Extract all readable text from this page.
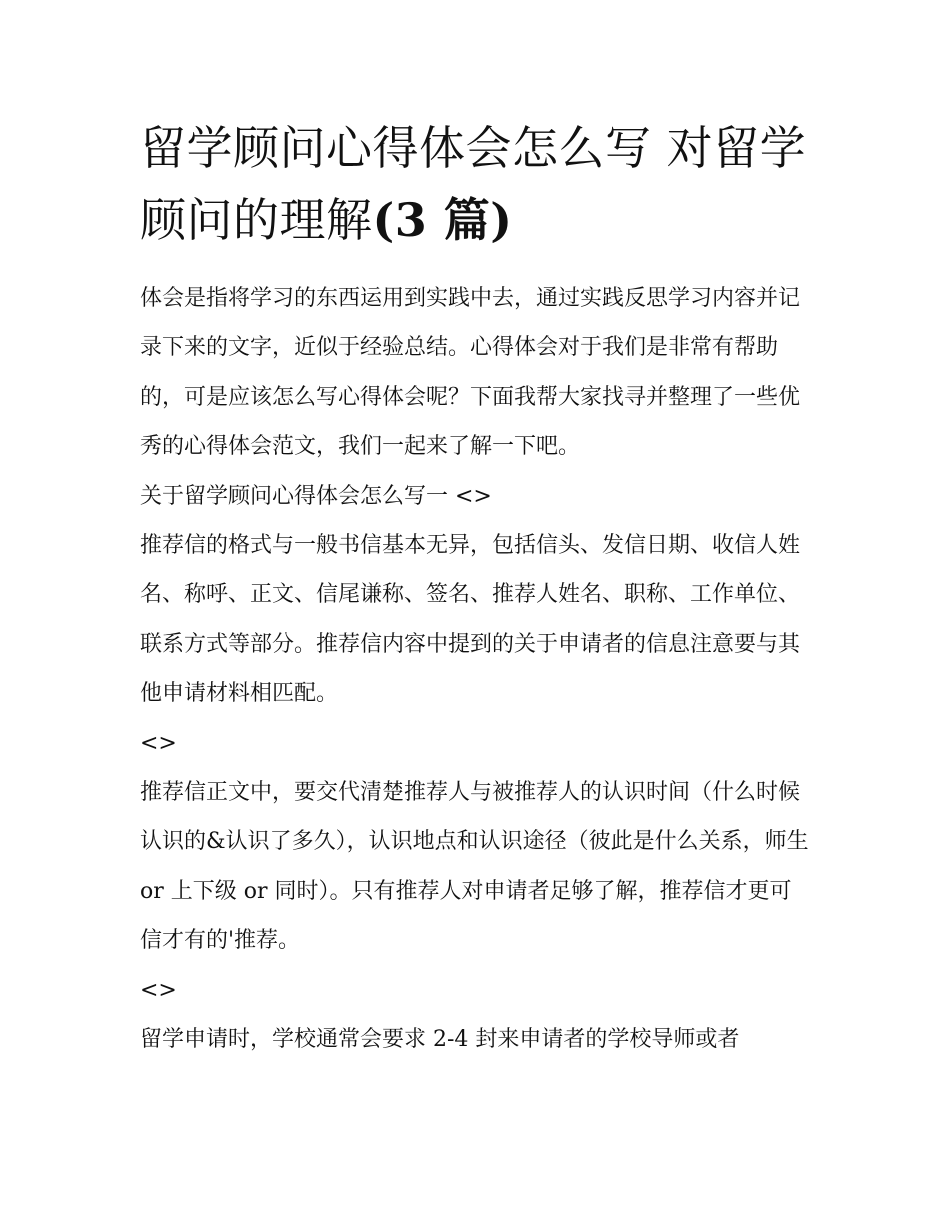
留学顾问心得体会怎么写 对留学顾问的理解(3 篇)

体会是指将学习的东西运用到实践中去，通过实践反思学习内容并记录下来的文字，近似于经验总结。心得体会对于我们是非常有帮助的，可是应该怎么写心得体会呢？下面我帮大家找寻并整理了一些优秀的心得体会范文，我们一起来了解一下吧。

关于留学顾问心得体会怎么写一 <>

推荐信的格式与一般书信基本无异，包括信头、发信日期、收信人姓名、称呼、正文、信尾谦称、签名、推荐人姓名、职称、工作单位、联系方式等部分。推荐信内容中提到的关于申请者的信息注意要与其他申请材料相匹配。

<>

推荐信正文中，要交代清楚推荐人与被推荐人的认识时间（什么时候认识的&认识了多久），认识地点和认识途径（彼此是什么关系，师生 or 上下级 or 同时）。只有推荐人对申请者足够了解，推荐信才更可信才有的'推荐。

<>

留学申请时，学校通常会要求 2-4 封来申请者的学校导师或者
